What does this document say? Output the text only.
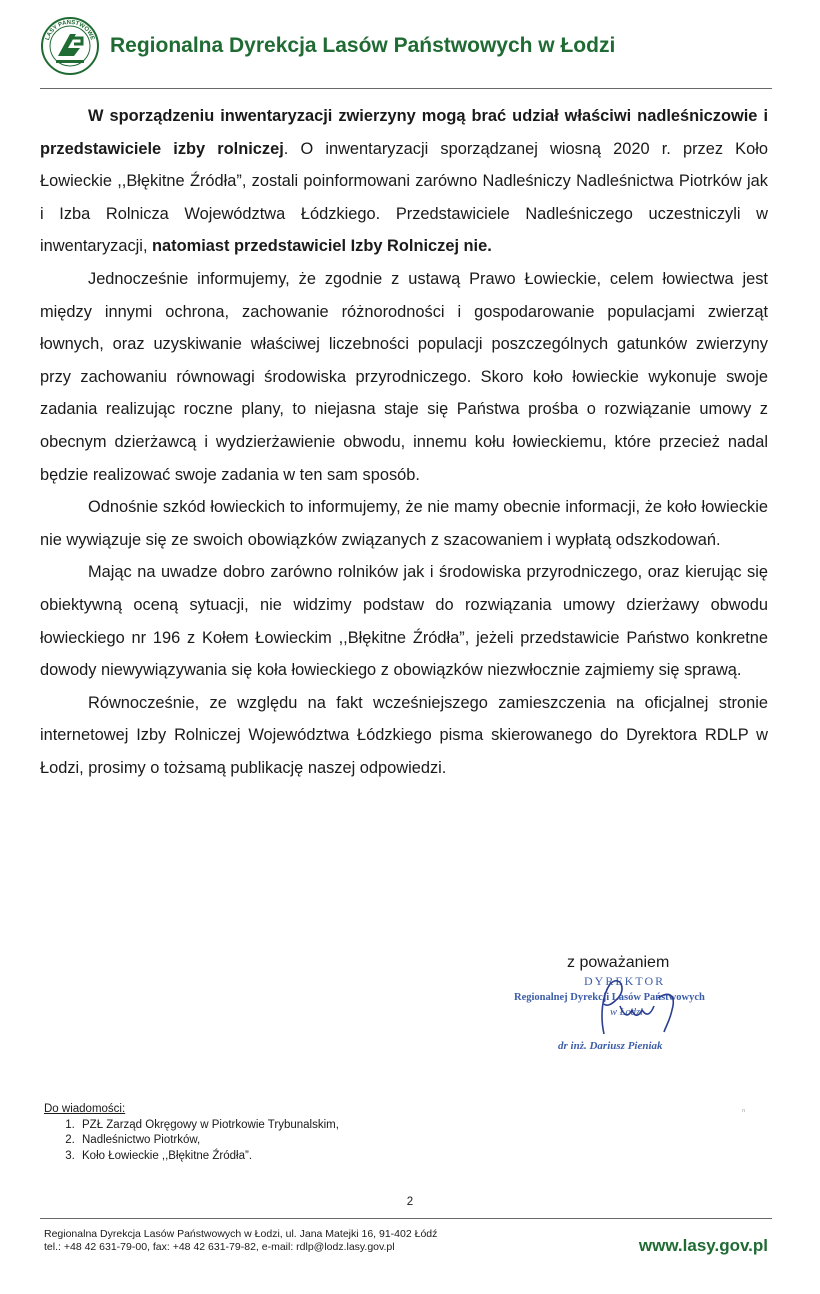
LASY PAŃSTWOWE Regionalna Dyrekcja Lasów Państwowych w Łodzi

W sporządzeniu inwentaryzacji zwierzyny mogą brać udział właściwi nadleśniczowie i przedstawiciele izby rolniczej. O inwentaryzacji sporządzanej wiosną 2020 r. przez Koło Łowieckie ,,Błękitne Źródła”, zostali poinformowani zarówno Nadleśniczy Nadleśnictwa Piotrków jak i Izba Rolnicza Województwa Łódzkiego. Przedstawiciele Nadleśniczego uczestniczyli w inwentaryzacji, natomiast przedstawiciel Izby Rolniczej nie.

Jednocześnie informujemy, że zgodnie z ustawą Prawo Łowieckie, celem łowiectwa jest między innymi ochrona, zachowanie różnorodności i gospodarowanie populacjami zwierząt łownych, oraz uzyskiwanie właściwej liczebności populacji poszczególnych gatunków zwierzyny przy zachowaniu równowagi środowiska przyrodniczego. Skoro koło łowieckie wykonuje swoje zadania realizując roczne plany, to niejasna staje się Państwa prośba o rozwiązanie umowy z obecnym dzierżawcą i wydzierżawienie obwodu, innemu kołu łowieckiemu, które przecież nadal będzie realizować swoje zadania w ten sam sposób.

Odnośnie szkód łowieckich to informujemy, że nie mamy obecnie informacji, że koło łowieckie nie wywiązuje się ze swoich obowiązków związanych z szacowaniem i wypłatą odszkodowań.

Mając na uwadze dobro zarówno rolników jak i środowiska przyrodniczego, oraz kierując się obiektywną oceną sytuacji, nie widzimy podstaw do rozwiązania umowy dzierżawy obwodu łowieckiego nr 196 z Kołem Łowieckim ,,Błękitne Źródła”, jeżeli przedstawicie Państwo konkretne dowody niewywiązywania się koła łowieckiego z obowiązków niezwłocznie zajmiemy się sprawą.

Równocześnie, ze względu na fakt wcześniejszego zamieszczenia na oficjalnej stronie internetowej Izby Rolniczej Województwa Łódzkiego pisma skierowanego do Dyrektora RDLP w Łodzi, prosimy o tożsamą publikację naszej odpowiedzi.

z poważaniem
DYREKTOR
Regionalnej Dyrekcji Lasów Państwowych
w Łodzi
dr inż. Dariusz Pieniak
Do wiadomości:
1. PZŁ Zarząd Okręgowy w Piotrkowie Trybunalskim,
2. Nadleśnictwo Piotrków,
3. Koło Łowieckie ,,Błękitne Źródła”.
ⁿ
2
Regionalna Dyrekcja Lasów Państwowych w Łodzi, ul. Jana Matejki 16, 91-402 Łódź
tel.: +48 42 631-79-00, fax: +48 42 631-79-82, e-mail: rdlp@lodz.lasy.gov.pl	www.lasy.gov.pl
